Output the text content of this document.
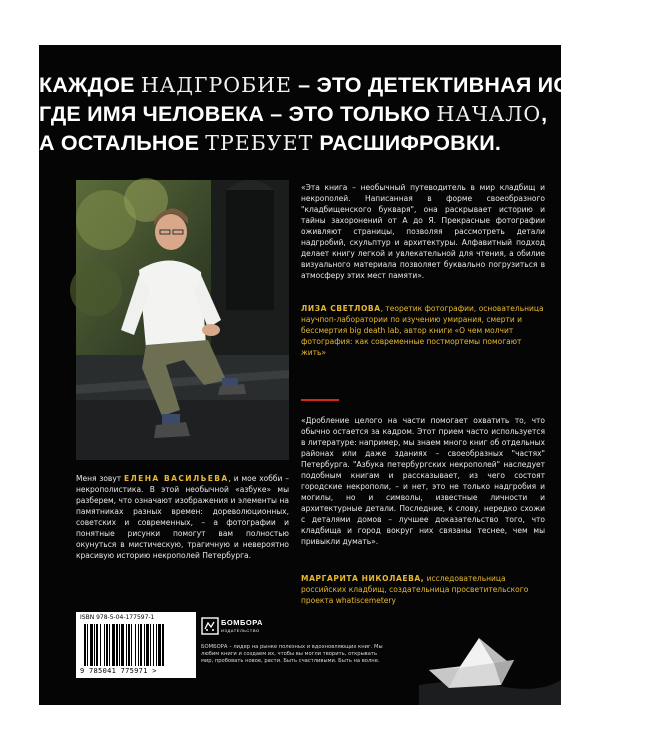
КАЖДОЕ НАДГРОБИЕ – ЭТО ДЕТЕКТИВНАЯ ИСТОРИЯ,
ГДЕ ИМЯ ЧЕЛОВЕКА – ЭТО ТОЛЬКО НАЧАЛО,
А ОСТАЛЬНОЕ ТРЕБУЕТ РАСШИФРОВКИ.
«Эта книга – необычный путеводитель в мир кладбищ и некрополей. Написанная в форме своеобразного "кладбищенского букваря", она раскрывает историю и тайны захоронений от А до Я. Прекрасные фотографии оживляют страницы, позволяя рассмотреть детали надгробий, скульптур и архитектуры. Алфавитный подход делает книгу легкой и увлекательной для чтения, а обилие визуального материала позволяет буквально погрузиться в атмосферу этих мест памяти».
ЛИЗА СВЕТЛОВА, теоретик фотографии, основательница научпоп-лаборатории по изучению умирания, смерти и бессмертия big death lab, автор книги «О чем молчит фотография: как современные постмортемы помогают жить»
«Дробление целого на части помогает охватить то, что обычно остается за кадром. Этот прием часто используется в литературе: например, мы знаем много книг об отдельных районах или даже зданиях – своеобразных "частях" Петербурга. "Азбука петербургских некрополей" наследует подобным книгам и рассказывает, из чего состоят городские некрополи, – и нет, это не только надгробия и могилы, но и символы, известные личности и архитектурные детали. Последние, к слову, нередко схожи с деталями домов – лучшее доказательство того, что кладбища и город вокруг них связаны теснее, чем мы привыкли думать».
МАРГАРИТА НИКОЛАЕВА, исследовательница российских кладбищ, создательница просветительского проекта whatiscemetery
Меня зовут ЕЛЕНА ВАСИЛЬЕВА, и мое хобби – некрополистика. В этой необычной «азбуке» мы разберем, что означают изображения и элементы на памятниках разных времен: дореволюционных, советских и современных, – а фотографии и понятные рисунки помогут вам полностью окунуться в мистическую, трагичную и невероятно красивую историю некрополей Петербурга.
ISBN 978-5-04-177597-1
9 785041 775971 >
БОМБОРА
ИЗДАТЕЛЬСТВО
БОМБОРА – лидер на рынке полезных и вдохновляющих книг. Мы любим книги и создаем их, чтобы вы могли творить, открывать мир, пробовать новое, расти. Быть счастливыми. Быть на волне.
